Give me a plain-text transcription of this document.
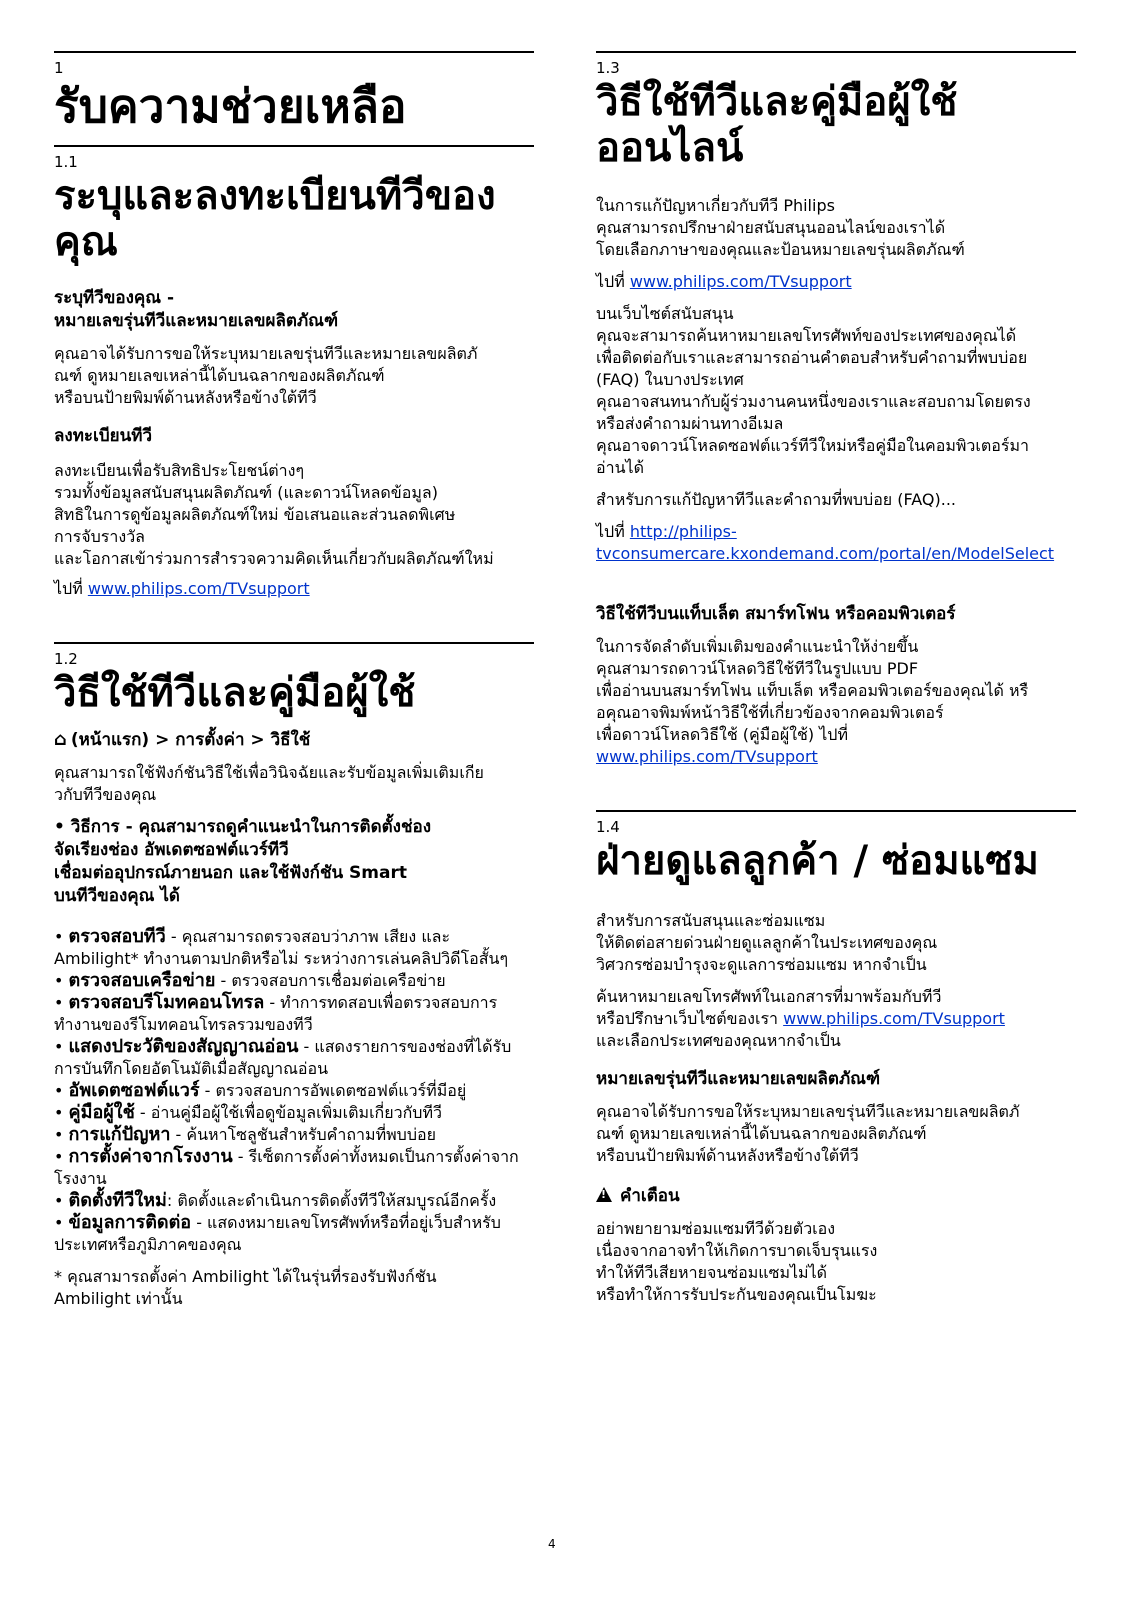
1
รับความช่วยเหลือ
1.1
ระบุและลงทะเบียนทีวีของคุณ
ระบุทีวีของคุณ -
หมายเลขรุ่นทีวีและหมายเลขผลิตภัณฑ์

คุณอาจได้รับการขอให้ระบุหมายเลขรุ่นทีวีและหมายเลขผลิตภั

ณฑ์ ดูหมายเลขเหล่านี้ได้บนฉลากของผลิตภัณฑ์

หรือบนป้ายพิมพ์ด้านหลังหรือข้างใต้ทีวี

ลงทะเบียนทีวี

ลงทะเบียนเพื่อรับสิทธิประโยชน์ต่างๆ

รวมทั้งข้อมูลสนับสนุนผลิตภัณฑ์ (และดาวน์โหลดข้อมูล)

สิทธิในการดูข้อมูลผลิตภัณฑ์ใหม่ ข้อเสนอและส่วนลดพิเศษ

การจับรางวัล

และโอกาสเข้าร่วมการสำรวจความคิดเห็นเกี่ยวกับผลิตภัณฑ์ใหม่

ไปที่ www.philips.com/TVsupport

1.2
วิธีใช้ทีวีและคู่มือผู้ใช้
⌂ (หน้าแรก) > การตั้งค่า > วิธีใช้

คุณสามารถใช้ฟังก์ชันวิธีใช้เพื่อวินิจฉัยและรับข้อมูลเพิ่มเติมเกีย

วกับทีวีของคุณ

• วิธีการ - คุณสามารถดูคำแนะนำในการติดตั้งช่อง
จัดเรียงช่อง อัพเดตซอฟต์แวร์ทีวี
เชื่อมต่ออุปกรณ์ภายนอก และใช้ฟังก์ชัน Smart
บนทีวีของคุณ ได้
• ตรวจสอบทีวี - คุณสามารถตรวจสอบว่าภาพ เสียง และ Ambilight* ทำงานตามปกติหรือไม่ ระหว่างการเล่นคลิปวิดีโอสั้นๆ
• ตรวจสอบเครือข่าย - ตรวจสอบการเชื่อมต่อเครือข่าย
• ตรวจสอบรีโมทคอนโทรล - ทำการทดสอบเพื่อตรวจสอบการทำงานของรีโมทคอนโทรลรวมของทีวี
• แสดงประวัติของสัญญาณอ่อน - แสดงรายการของช่องที่ได้รับการบันทึกโดยอัตโนมัติเมื่อสัญญาณอ่อน
• อัพเดตซอฟต์แวร์ - ตรวจสอบการอัพเดตซอฟต์แวร์ที่มีอยู่
• คู่มือผู้ใช้ - อ่านคู่มือผู้ใช้เพื่อดูข้อมูลเพิ่มเติมเกี่ยวกับทีวี
• การแก้ปัญหา - ค้นหาโซลูชันสำหรับคำถามที่พบบ่อย
• การตั้งค่าจากโรงงาน - รีเซ็ตการตั้งค่าทั้งหมดเป็นการตั้งค่าจากโรงงาน
• ติดตั้งทีวีใหม่: ติดตั้งและดำเนินการติดตั้งทีวีให้สมบูรณ์อีกครั้ง
• ข้อมูลการติดต่อ - แสดงหมายเลขโทรศัพท์หรือที่อยู่เว็บสำหรับประเทศหรือภูมิภาคของคุณ

* คุณสามารถตั้งค่า Ambilight ได้ในรุ่นที่รองรับฟังก์ชัน

Ambilight เท่านั้น

1.3
วิธีใช้ทีวีและคู่มือผู้ใช้ออนไลน์

ในการแก้ปัญหาเกี่ยวกับทีวี Philips

คุณสามารถปรึกษาฝ่ายสนับสนุนออนไลน์ของเราได้

โดยเลือกภาษาของคุณและป้อนหมายเลขรุ่นผลิตภัณฑ์

ไปที่ www.philips.com/TVsupport

บนเว็บไซต์สนับสนุน

คุณจะสามารถค้นหาหมายเลขโทรศัพท์ของประเทศของคุณได้

เพื่อติดต่อกับเราและสามารถอ่านคำตอบสำหรับคำถามที่พบบ่อย

(FAQ) ในบางประเทศ

คุณอาจสนทนากับผู้ร่วมงานคนหนึ่งของเราและสอบถามโดยตรง

หรือส่งคำถามผ่านทางอีเมล

คุณอาจดาวน์โหลดซอฟต์แวร์ทีวีใหม่หรือคู่มือในคอมพิวเตอร์มา

อ่านได้

สำหรับการแก้ปัญหาทีวีและคำถามที่พบบ่อย (FAQ)...

ไปที่ http://philips-

tvconsumercare.kxondemand.com/portal/en/ModelSelect

วิธีใช้ทีวีบนแท็บเล็ต สมาร์ทโฟน หรือคอมพิวเตอร์

ในการจัดลำดับเพิ่มเติมของคำแนะนำให้ง่ายขึ้น

คุณสามารถดาวน์โหลดวิธีใช้ทีวีในรูปแบบ PDF

เพื่ออ่านบนสมาร์ทโฟน แท็บเล็ต หรือคอมพิวเตอร์ของคุณได้ หรื

อคุณอาจพิมพ์หน้าวิธีใช้ที่เกี่ยวข้องจากคอมพิวเตอร์

เพื่อดาวน์โหลดวิธีใช้ (คู่มือผู้ใช้) ไปที่

www.philips.com/TVsupport

1.4
ฝ่ายดูแลลูกค้า / ซ่อมแซม

สำหรับการสนับสนุนและซ่อมแซม

ให้ติดต่อสายด่วนฝ่ายดูแลลูกค้าในประเทศของคุณ

วิศวกรซ่อมบำรุงจะดูแลการซ่อมแซม หากจำเป็น

ค้นหาหมายเลขโทรศัพท์ในเอกสารที่มาพร้อมกับทีวี

หรือปรึกษาเว็บไซต์ของเรา www.philips.com/TVsupport

และเลือกประเทศของคุณหากจำเป็น

หมายเลขรุ่นทีวีและหมายเลขผลิตภัณฑ์

คุณอาจได้รับการขอให้ระบุหมายเลขรุ่นทีวีและหมายเลขผลิตภั

ณฑ์ ดูหมายเลขเหล่านี้ได้บนฉลากของผลิตภัณฑ์

หรือบนป้ายพิมพ์ด้านหลังหรือข้างใต้ทีวี

!คำเตือน

อย่าพยายามซ่อมแซมทีวีด้วยตัวเอง

เนื่องจากอาจทำให้เกิดการบาดเจ็บรุนแรง

ทำให้ทีวีเสียหายจนซ่อมแซมไม่ได้

หรือทำให้การรับประกันของคุณเป็นโมฆะ

4
